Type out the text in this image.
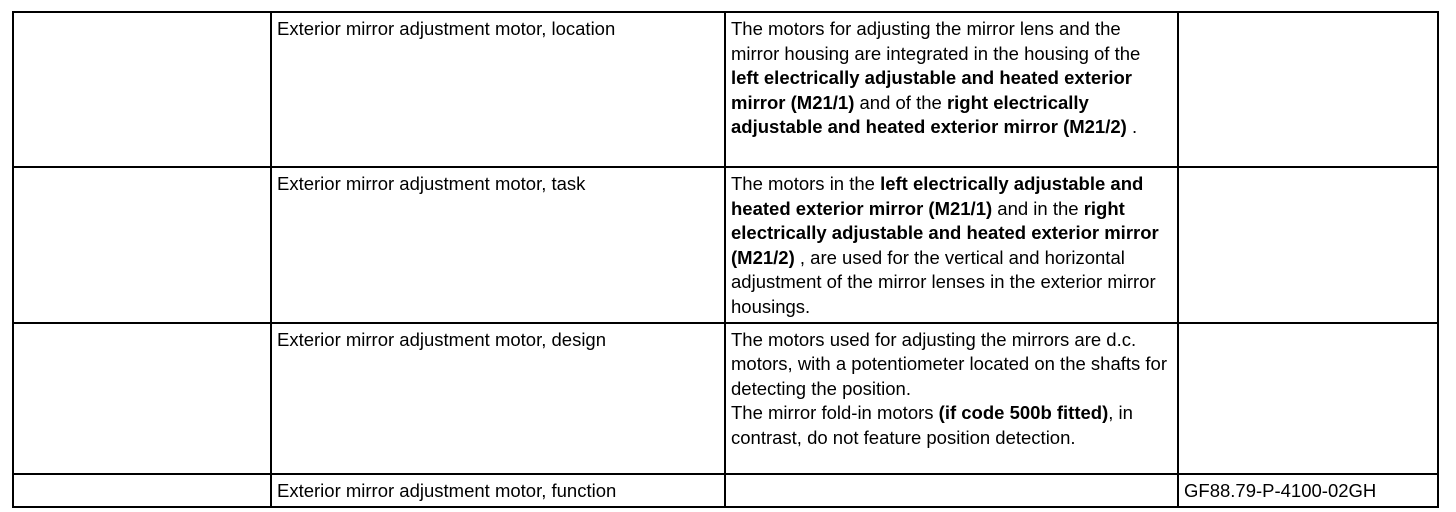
	Exterior mirror adjustment motor, location	The motors for adjusting the mirror lens and the mirror housing are integrated in the housing of the left electrically adjustable and heated exterior mirror (M21/1) and of the right electrically adjustable and heated exterior mirror (M21/2) .	
	Exterior mirror adjustment motor, task	The motors in the left electrically adjustable and heated exterior mirror (M21/1) and in the right electrically adjustable and heated exterior mirror (M21/2) , are used for the vertical and horizontal adjustment of the mirror lenses in the exterior mirror housings.	
	Exterior mirror adjustment motor, design	The motors used for adjusting the mirrors are d.c. motors, with a potentiometer located on the shafts for detecting the position.
The mirror fold-in motors (if code 500b fitted), in contrast, do not feature position detection.	
	Exterior mirror adjustment motor, function		GF88.79-P-4100-02GH
